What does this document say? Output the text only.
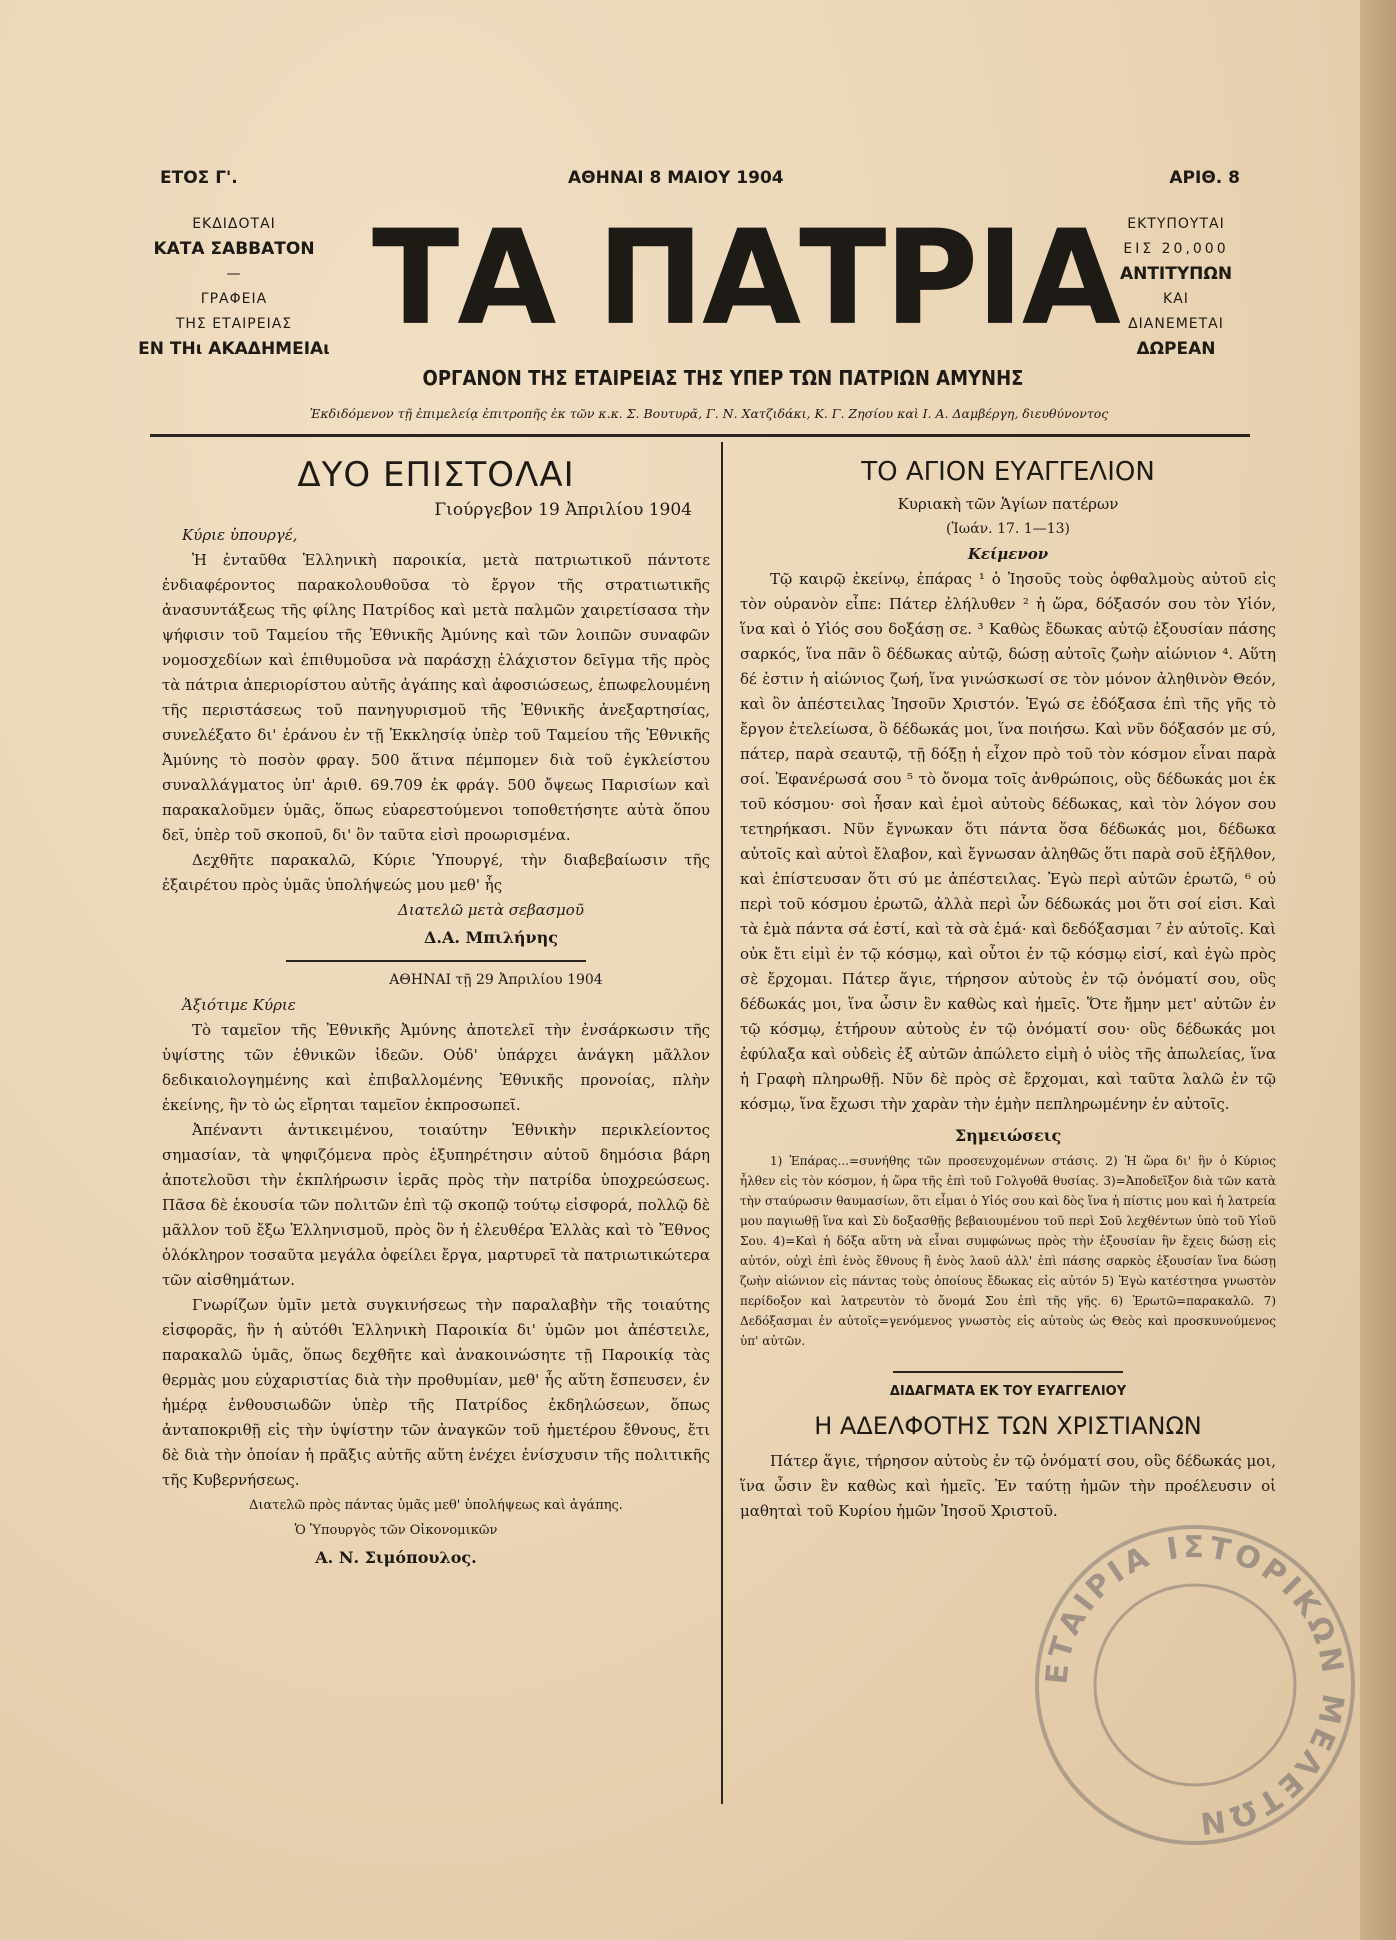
ΕΤΟΣ Γ'.	ΑΘΗΝΑΙ 8 ΜΑΙΟΥ 1904	ΑΡΙΘ. 8
ΕΚΔΙΔΟΤΑΙ
ΚΑΤΑ ΣΑΒΒΑΤΟΝ
—
ΓΡΑΦΕΙΑ
ΤΗΣ ΕΤΑΙΡΕΙΑΣ
ΕΝ ΤΗι ΑΚΑΔΗΜΕΙΑι ΤΑ ΠΑΤΡΙΑ ΕΚΤΥΠΟΥΤΑΙ
ΕΙΣ 20,000
ΑΝΤΙΤΥΠΩΝ
ΚΑΙ
ΔΙΑΝΕΜΕΤΑΙ
ΔΩΡΕΑΝ
ΟΡΓΑΝΟΝ ΤΗΣ ΕΤΑΙΡΕΙΑΣ ΤΗΣ ΥΠΕΡ ΤΩΝ ΠΑΤΡΙΩΝ ΑΜΥΝΗΣ
Ἐκδιδόμενον τῇ ἐπιμελείᾳ ἐπιτροπῆς ἐκ τῶν κ.κ. Σ. Βουτυρᾶ, Γ. Ν. Χατζιδάκι, Κ. Γ. Ζησίου καὶ Ι. Α. Δαμβέργη, διευθύνοντος
ΔΥΟ ΕΠΙΣΤΟΛΑΙ
Γιούργεβον 19 Ἀπριλίου 1904
Κύριε ὑπουργέ,

Ἡ ἐνταῦθα Ἑλληνικὴ παροικία, μετὰ πατριωτικοῦ πάντοτε ἐνδιαφέροντος παρακολουθοῦσα τὸ ἔργον τῆς στρατιωτικῆς ἀνασυντάξεως τῆς φίλης Πατρίδος καὶ μετὰ παλμῶν χαιρετίσασα τὴν ψήφισιν τοῦ Ταμείου τῆς Ἐθνικῆς Ἀμύνης καὶ τῶν λοιπῶν συναφῶν νομοσχεδίων καὶ ἐπιθυμοῦσα νὰ παράσχῃ ἐλάχιστον δεῖγμα τῆς πρὸς τὰ πάτρια ἀπεριορίστου αὐτῆς ἀγάπης καὶ ἀφοσιώσεως, ἐπωφελουμένη τῆς περιστάσεως τοῦ πανηγυρισμοῦ τῆς Ἐθνικῆς ἀνεξαρτησίας, συνελέξατο δι' ἐράνου ἐν τῇ Ἐκκλησίᾳ ὑπὲρ τοῦ Ταμείου τῆς Ἐθνικῆς Ἀμύνης τὸ ποσὸν φραγ. 500 ἅτινα πέμπομεν διὰ τοῦ ἐγκλείστου συναλλάγματος ὑπ' ἀριθ. 69.709 ἐκ φράγ. 500 ὄψεως Παρισίων καὶ παρακαλοῦμεν ὑμᾶς, ὅπως εὐαρεστούμενοι τοποθετήσητε αὐτὰ ὅπου δεῖ, ὑπὲρ τοῦ σκοποῦ, δι' ὃν ταῦτα εἰσὶ προωρισμένα.

Δεχθῆτε παρακαλῶ, Κύριε Ὑπουργέ, τὴν διαβεβαίωσιν τῆς ἐξαιρέτου πρὸς ὑμᾶς ὑπολήψεώς μου μεθ' ἧς

Διατελῶ μετὰ σεβασμοῦ
Δ.Α. Μπιλήνης
ΑΘΗΝΑΙ τῇ 29 Ἀπριλίου 1904
Ἀξιότιμε Κύριε

Τὸ ταμεῖον τῆς Ἐθνικῆς Ἀμύνης ἀποτελεῖ τὴν ἐνσάρκωσιν τῆς ὑψίστης τῶν ἐθνικῶν ἰδεῶν. Οὐδ' ὑπάρχει ἀνάγκη μᾶλλον δεδικαιολογημένης καὶ ἐπιβαλλομένης Ἐθνικῆς προνοίας, πλὴν ἐκείνης, ἣν τὸ ὡς εἴρηται ταμεῖον ἐκπροσωπεῖ.

Ἀπέναντι ἀντικειμένου, τοιαύτην Ἐθνικὴν περικλείοντος σημασίαν, τὰ ψηφιζόμενα πρὸς ἐξυπηρέτησιν αὐτοῦ δημόσια βάρη ἀποτελοῦσι τὴν ἐκπλήρωσιν ἱερᾶς πρὸς τὴν πατρίδα ὑποχρεώσεως. Πᾶσα δὲ ἑκουσία τῶν πολιτῶν ἐπὶ τῷ σκοπῷ τούτῳ εἰσφορά, πολλῷ δὲ μᾶλλον τοῦ ἔξω Ἑλληνισμοῦ, πρὸς ὃν ἡ ἐλευθέρα Ἑλλὰς καὶ τὸ Ἔθνος ὁλόκληρον τοσαῦτα μεγάλα ὀφείλει ἔργα, μαρτυρεῖ τὰ πατριωτικώτερα τῶν αἰσθημάτων.

Γνωρίζων ὑμῖν μετὰ συγκινήσεως τὴν παραλαβὴν τῆς τοιαύτης εἰσφορᾶς, ἣν ἡ αὐτόθι Ἑλληνικὴ Παροικία δι' ὑμῶν μοι ἀπέστειλε, παρακαλῶ ὑμᾶς, ὅπως δεχθῆτε καὶ ἀνακοινώσητε τῇ Παροικίᾳ τὰς θερμὰς μου εὐχαριστίας διὰ τὴν προθυμίαν, μεθ' ἧς αὕτη ἔσπευσεν, ἐν ἡμέρᾳ ἐνθουσιωδῶν ὑπὲρ τῆς Πατρίδος ἐκδηλώσεων, ὅπως ἀνταποκριθῇ εἰς τὴν ὑψίστην τῶν ἀναγκῶν τοῦ ἡμετέρου ἔθνους, ἔτι δὲ διὰ τὴν ὁποίαν ἡ πρᾶξις αὐτῆς αὕτη ἐνέχει ἐνίσχυσιν τῆς πολιτικῆς τῆς Κυβερνήσεως.

Διατελῶ πρὸς πάντας ὑμᾶς μεθ' ὑπολήψεως καὶ ἀγάπης.
Ὁ Ὑπουργὸς τῶν Οἰκονομικῶν
Α. Ν. Σιμόπουλος.
ΤΟ ΑΓΙΟΝ ΕΥΑΓΓΕΛΙΟΝ
Κυριακὴ τῶν Ἁγίων πατέρων
(Ἰωάν. 17. 1—13)
Κείμενον

Τῷ καιρῷ ἐκείνῳ, ἐπάρας ¹ ὁ Ἰησοῦς τοὺς ὀφθαλμοὺς αὐτοῦ εἰς τὸν οὐρανὸν εἶπε: Πάτερ ἐλήλυθεν ² ἡ ὥρα, δόξασόν σου τὸν Υἱόν, ἵνα καὶ ὁ Υἱός σου δοξάσῃ σε. ³ Καθὼς ἔδωκας αὐτῷ ἐξουσίαν πάσης σαρκός, ἵνα πᾶν ὃ δέδωκας αὐτῷ, δώσῃ αὐτοῖς ζωὴν αἰώνιον ⁴. Αὕτη δέ ἐστιν ἡ αἰώνιος ζωή, ἵνα γινώσκωσί σε τὸν μόνον ἀληθινὸν Θεόν, καὶ ὃν ἀπέστειλας Ἰησοῦν Χριστόν. Ἐγώ σε ἐδόξασα ἐπὶ τῆς γῆς τὸ ἔργον ἐτελείωσα, ὃ δέδωκάς μοι, ἵνα ποιήσω. Καὶ νῦν δόξασόν με σύ, πάτερ, παρὰ σεαυτῷ, τῇ δόξῃ ἡ εἶχον πρὸ τοῦ τὸν κόσμον εἶναι παρὰ σοί. Ἐφανέρωσά σου ⁵ τὸ ὄνομα τοῖς ἀνθρώποις, οὓς δέδωκάς μοι ἐκ τοῦ κόσμου· σοὶ ἦσαν καὶ ἐμοὶ αὐτοὺς δέδωκας, καὶ τὸν λόγον σου τετηρήκασι. Νῦν ἔγνωκαν ὅτι πάντα ὅσα δέδωκάς μοι, δέδωκα αὐτοῖς καὶ αὐτοὶ ἔλαβον, καὶ ἔγνωσαν ἀληθῶς ὅτι παρὰ σοῦ ἐξῆλθον, καὶ ἐπίστευσαν ὅτι σύ με ἀπέστειλας. Ἐγὼ περὶ αὐτῶν ἐρωτῶ, ⁶ οὐ περὶ τοῦ κόσμου ἐρωτῶ, ἀλλὰ περὶ ὧν δέδωκάς μοι ὅτι σοί εἰσι. Καὶ τὰ ἐμὰ πάντα σά ἐστί, καὶ τὰ σὰ ἐμά· καὶ δεδόξασμαι ⁷ ἐν αὐτοῖς. Καὶ οὐκ ἔτι εἰμὶ ἐν τῷ κόσμῳ, καὶ οὗτοι ἐν τῷ κόσμῳ εἰσί, καὶ ἐγὼ πρὸς σὲ ἔρχομαι. Πάτερ ἅγιε, τήρησον αὐτοὺς ἐν τῷ ὀνόματί σου, οὓς δέδωκάς μοι, ἵνα ὦσιν ἓν καθὼς καὶ ἡμεῖς. Ὅτε ἤμην μετ' αὐτῶν ἐν τῷ κόσμῳ, ἐτήρουν αὐτοὺς ἐν τῷ ὀνόματί σου· οὓς δέδωκάς μοι ἐφύλαξα καὶ οὐδεὶς ἐξ αὐτῶν ἀπώλετο εἰμὴ ὁ υἱὸς τῆς ἀπωλείας, ἵνα ἡ Γραφὴ πληρωθῇ. Νῦν δὲ πρὸς σὲ ἔρχομαι, καὶ ταῦτα λαλῶ ἐν τῷ κόσμῳ, ἵνα ἔχωσι τὴν χαρὰν τὴν ἐμὴν πεπληρωμένην ἐν αὐτοῖς.

Σημειώσεις

1) Ἐπάρας...=συνήθης τῶν προσευχομένων στάσις. 2) Ἡ ὥρα δι' ἣν ὁ Κύριος ἦλθεν εἰς τὸν κόσμον, ἡ ὥρα τῆς ἐπὶ τοῦ Γολγοθᾶ θυσίας. 3)=Ἀποδεῖξον διὰ τῶν κατὰ τὴν σταύρωσιν θαυμασίων, ὅτι εἶμαι ὁ Υἱός σου καὶ δὸς ἵνα ἡ πίστις μου καὶ ἡ λατρεία μου παγιωθῇ ἵνα καὶ Σὺ δοξασθῇς βεβαιουμένου τοῦ περὶ Σοῦ λεχθέντων ὑπὸ τοῦ Υἱοῦ Σου. 4)=Καὶ ἡ δόξα αὕτη νὰ εἶναι συμφώνως πρὸς τὴν ἐξουσίαν ἣν ἔχεις δώσῃ εἰς αὐτόν, οὐχὶ ἐπὶ ἑνὸς ἔθνους ἢ ἑνὸς λαοῦ ἀλλ' ἐπὶ πάσης σαρκὸς ἐξουσίαν ἵνα δώσῃ ζωὴν αἰώνιον εἰς πάντας τοὺς ὁποίους ἔδωκας εἰς αὐτόν 5) Ἐγὼ κατέστησα γνωστὸν περίδοξον καὶ λατρευτὸν τὸ ὄνομά Σου ἐπὶ τῆς γῆς. 6) Ἐρωτῶ=παρακαλῶ. 7) Δεδόξασμαι ἐν αὐτοῖς=γενόμενος γνωστὸς εἰς αὐτοὺς ὡς Θεὸς καὶ προσκυνούμενος ὑπ' αὐτῶν.

ΔΙΔΑΓΜΑΤΑ ΕΚ ΤΟΥ ΕΥΑΓΓΕΛΙΟΥ
Η ΑΔΕΛΦΟΤΗΣ ΤΩΝ ΧΡΙΣΤΙΑΝΩΝ

Πάτερ ἅγιε, τήρησον αὐτοὺς ἐν τῷ ὀνόματί σου, οὓς δέδωκάς μοι, ἵνα ὦσιν ἓν καθὼς καὶ ἡμεῖς. Ἐν ταύτῃ ἡμῶν τὴν προέλευσιν οἱ μαθηταὶ τοῦ Κυρίου ἡμῶν Ἰησοῦ Χριστοῦ.

ΕΤΑΙΡΙΑ ΙΣΤΟΡΙΚΩΝ ΜΕΛΕΤΩΝ
